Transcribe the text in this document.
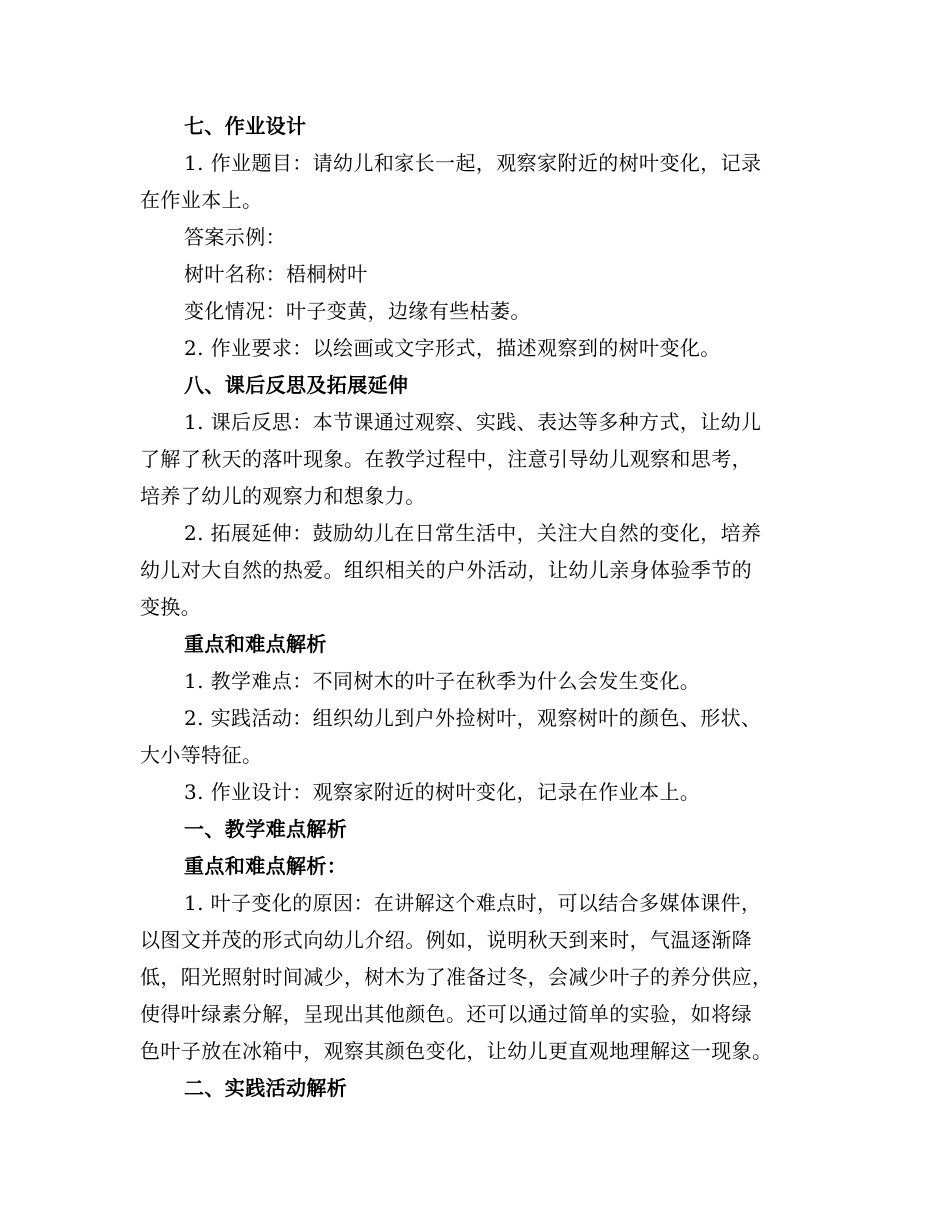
七、作业设计
1. 作业题目：请幼儿和家长一起，观察家附近的树叶变化，记录
在作业本上。
答案示例：
树叶名称：梧桐树叶
变化情况：叶子变黄，边缘有些枯萎。
2. 作业要求：以绘画或文字形式，描述观察到的树叶变化。
八、课后反思及拓展延伸
1. 课后反思：本节课通过观察、实践、表达等多种方式，让幼儿
了解了秋天的落叶现象。在教学过程中，注意引导幼儿观察和思考，
培养了幼儿的观察力和想象力。
2. 拓展延伸：鼓励幼儿在日常生活中，关注大自然的变化，培养
幼儿对大自然的热爱。组织相关的户外活动，让幼儿亲身体验季节的
变换。
重点和难点解析
1. 教学难点：不同树木的叶子在秋季为什么会发生变化。
2. 实践活动：组织幼儿到户外捡树叶，观察树叶的颜色、形状、
大小等特征。
3. 作业设计：观察家附近的树叶变化，记录在作业本上。
一、教学难点解析
重点和难点解析：
1. 叶子变化的原因：在讲解这个难点时，可以结合多媒体课件，
以图文并茂的形式向幼儿介绍。例如，说明秋天到来时，气温逐渐降
低，阳光照射时间减少，树木为了准备过冬，会减少叶子的养分供应，
使得叶绿素分解，呈现出其他颜色。还可以通过简单的实验，如将绿
色叶子放在冰箱中，观察其颜色变化，让幼儿更直观地理解这一现象。
二、实践活动解析
